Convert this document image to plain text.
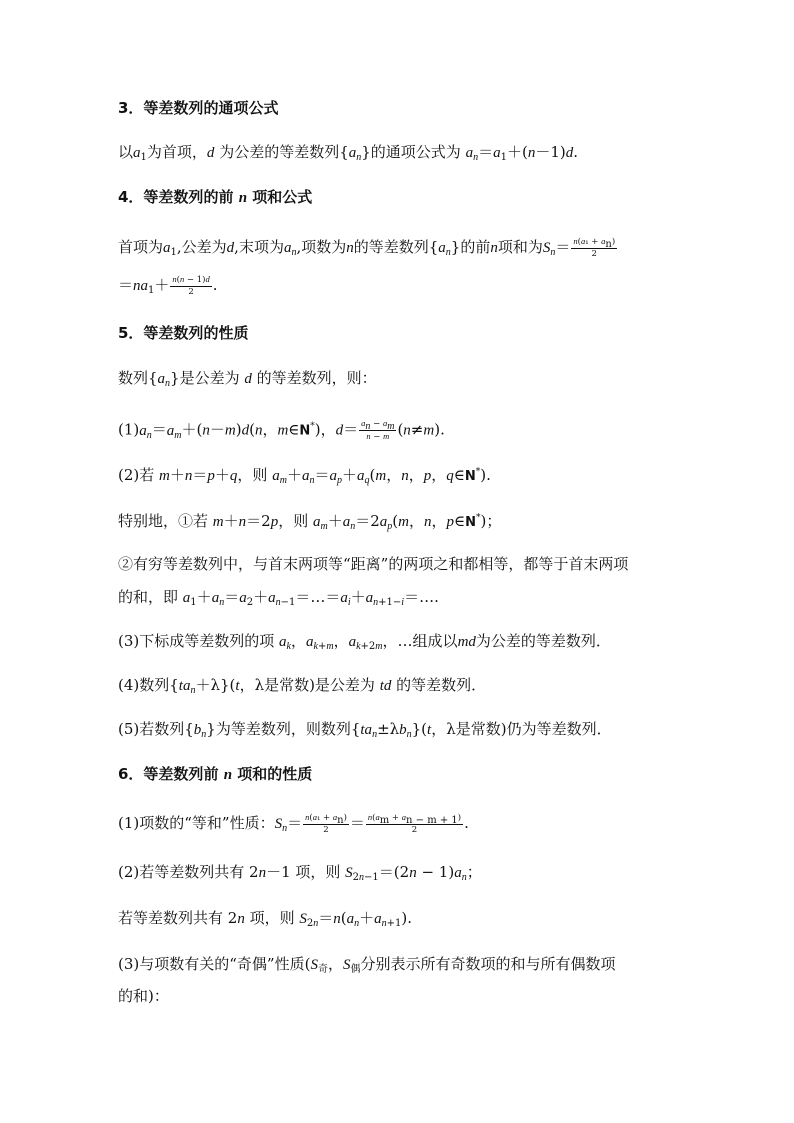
3．等差数列的通项公式
以$a_1$为首项，d 为公差的等差数列$\{a_n\}$的通项公式为 $a_n=a_1+(n-1)d$.
4．等差数列的前 n 项和公式
首项为$a_1$,公差为d,末项为$a_n$,项数为n的等差数列$\{a_n\}$的前n项和为$S_n= \frac{n(a_1 + a_n)}{2}$
$=na_1+ \frac{n(n - 1)d}{2}$ .
5．等差数列的性质
数列$\{a_n\}$是公差为 d 的等差数列，则：
$(1)a_n=a_m+(n-m)d(n$，m∈N*)，$d= \frac{a_n - a_m}{n - m} (n\ne m)$.
(2)若 m＋n＝p＋q，则 $a_m+a_n=a_p+a_q(m$，n，p，q∈N*).
特别地，①若 m＋n＝2p，则 $a_m+a_n=2a_p(m$，n，p∈N*)；
②有穷等差数列中，与首末两项等“距离”的两项之和都相等，都等于首末两项
的和，即 $a_1+a_n=a_2+a_{n-1}=\dots=a_i+a_{n+1-i}=\dots$.
(3)下标成等差数列的项 $a_k$，$a_{k+m}$，$a_{k+2m}$，…组成以md为公差的等差数列．
(4)数列$\{ta_n+\lambda\}(t$，λ是常数)是公差为 td 的等差数列．
(5)若数列$\{b_n\}$为等差数列，则数列$\{ta_n\pm\lambda b_n\}(t$，λ是常数)仍为等差数列．
6．等差数列前 n 项和的性质
(1)项数的“等和”性质：$S_n= \frac{n(a_1 + a_n)}{2} = \frac{n(a_m + a_{n - m + 1})}{2}$ .
(2)若等差数列共有 2n－1 项，则 $S_{2n-1}=(2n - 1)a_n$；
若等差数列共有 2n 项，则 $S_{2n}=n(a_n+a_{n+1})$.
(3)与项数有关的“奇偶”性质($S_奇$，$S_偶$分别表示所有奇数项的和与所有偶数项
的和)：
